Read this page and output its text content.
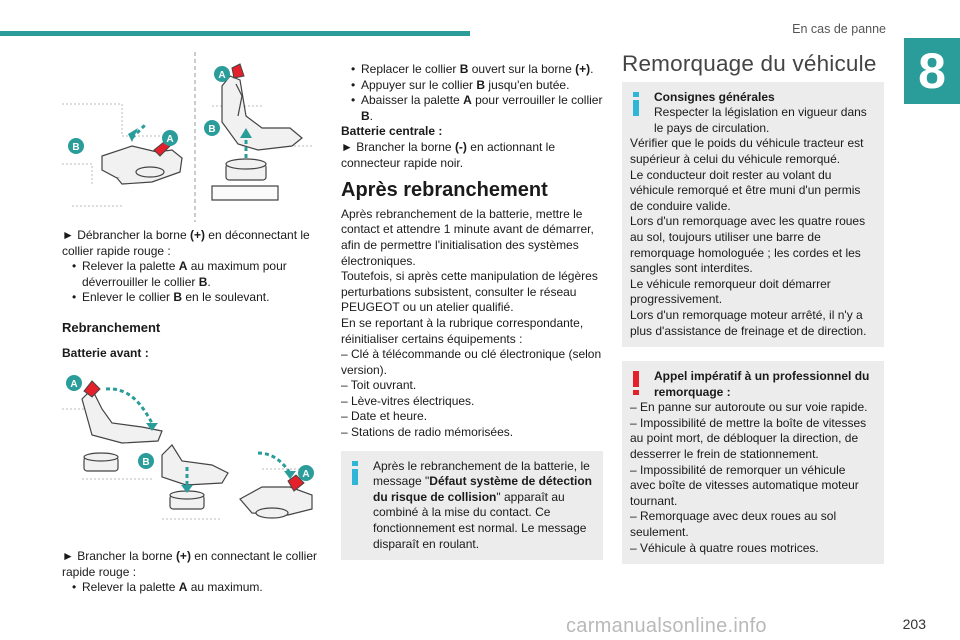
En cas de panne
8
A
A
B
B

► Débrancher la borne (+) en déconnectant le collier rapide rouge :

• Relever la palette A au maximum pour déverrouiller le collier B.

• Enlever le collier B en le soulevant.

Rebranchement
Batterie avant :
A
B
A

► Brancher la borne (+) en connectant le collier rapide rouge :

• Relever la palette A au maximum.

• Replacer le collier B ouvert sur la borne (+).

• Appuyer sur le collier B jusqu'en butée.

• Abaisser la palette A pour verrouiller le collier B.

Batterie centrale :

► Brancher la borne (-) en actionnant le connecteur rapide noir.

Après rebranchement

Après rebranchement de la batterie, mettre le contact et attendre 1 minute avant de démarrer, afin de permettre l'initialisation des systèmes électroniques.

Toutefois, si après cette manipulation de légères perturbations subsistent, consulter le réseau PEUGEOT ou un atelier qualifié.

En se reportant à la rubrique correspondante, réinitialiser certains équipements :

– Clé à télécommande ou clé électronique (selon version).

– Toit ouvrant.

– Lève-vitres électriques.

– Date et heure.

– Stations de radio mémorisées.

Après le rebranchement de la batterie, le message "Défaut système de détection du risque de collision" apparaît au combiné à la mise du contact. Ce fonctionnement est normal. Le message disparaît en roulant.

Remorquage du véhicule

Consignes générales

Respecter la législation en vigueur dans le pays de circulation.

Vérifier que le poids du véhicule tracteur est supérieur à celui du véhicule remorqué.

Le conducteur doit rester au volant du véhicule remorqué et être muni d'un permis de conduire valide.

Lors d'un remorquage avec les quatre roues au sol, toujours utiliser une barre de remorquage homologuée ; les cordes et les sangles sont interdites.

Le véhicule remorqueur doit démarrer progressivement.

Lors d'un remorquage moteur arrêté, il n'y a plus d'assistance de freinage et de direction.

Appel impératif à un professionnel du remorquage :

– En panne sur autoroute ou sur voie rapide.

– Impossibilité de mettre la boîte de vitesses au point mort, de débloquer la direction, de desserrer le frein de stationnement.

– Impossibilité de remorquer un véhicule avec boîte de vitesses automatique moteur tournant.

– Remorquage avec deux roues au sol seulement.

– Véhicule à quatre roues motrices.

203
carmanualsonline.info
